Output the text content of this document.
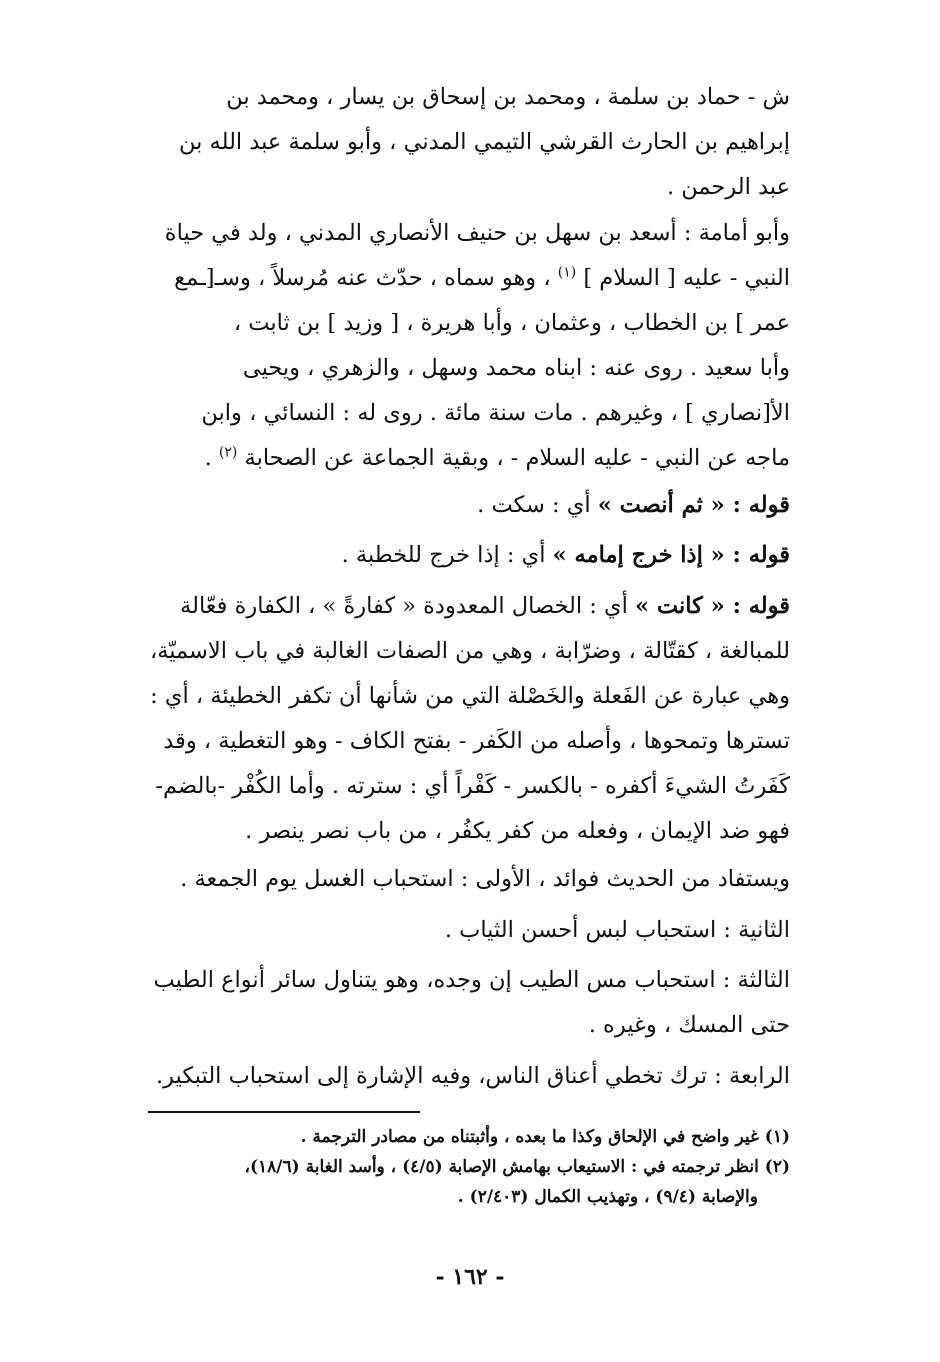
ش - حماد بن سلمة ، ومحمد بن إسحاق بن يسار ، ومحمد بن
إبراهيم بن الحارث القرشي التيمي المدني ، وأبو سلمة عبد الله بن
عبد الرحمن .

وأبو أمامة : أسعد بن سهل بن حنيف الأنصاري المدني ، ولد في حياة
النبي - عليه [ السلام ] $^{(١)}$ ، وهو سماه ، حدّث عنه مُرسلاً ، وسـ[ـمع
عمر ] بن الخطاب ، وعثمان ، وأبا هريرة ، [ وزيد ] بن ثابت ،
وأبا سعيد . روى عنه : ابناه محمد وسهل ، والزهري ، ويحيى
الأ[نصاري ] ، وغيرهم . مات سنة مائة . روى له : النسائي ، وابن
ماجه عن النبي - عليه السلام - ، وبقية الجماعة عن الصحابة $^{(٢)}$ .

قوله : « ثم أنصت » أي : سكت .

قوله : « إذا خرج إمامه » أي : إذا خرج للخطبة .

قوله : « كانت » أي : الخصال المعدودة « كفارةً » ، الكفارة فعّالة
للمبالغة ، كقتّالة ، وضرّابة ، وهي من الصفات الغالبة في باب الاسميّة،
وهي عبارة عن الفَعلة والخَصْلة التي من شأنها أن تكفر الخطيئة ، أي :
تسترها وتمحوها ، وأصله من الكَفر - بفتح الكاف - وهو التغطية ، وقد
كَفَرتُ الشيءَ أكفره - بالكسر - كَفْراً أي : سترته . وأما الكُفْر -بالضم-
فهو ضد الإيمان ، وفعله من كفر يكفُر ، من باب نصر ينصر .

ويستفاد من الحديث فوائد ، الأولى : استحباب الغسل يوم الجمعة .

الثانية : استحباب لبس أحسن الثياب .

الثالثة : استحباب مس الطيب إن وجده، وهو يتناول سائر أنواع الطيب
حتى المسك ، وغيره .

الرابعة : ترك تخطي أعناق الناس، وفيه الإشارة إلى استحباب التبكير.

(١) غير واضح في الإلحاق وكذا ما بعده ، وأثبتناه من مصادر الترجمة .
(٢) انظر ترجمته في : الاستيعاب بهامش الإصابة (٤/٥) ، وأسد الغابة (١٨/٦)،
والإصابة (٩/٤) ، وتهذيب الكمال (٢/٤٠٣) .
- ١٦٢ -
